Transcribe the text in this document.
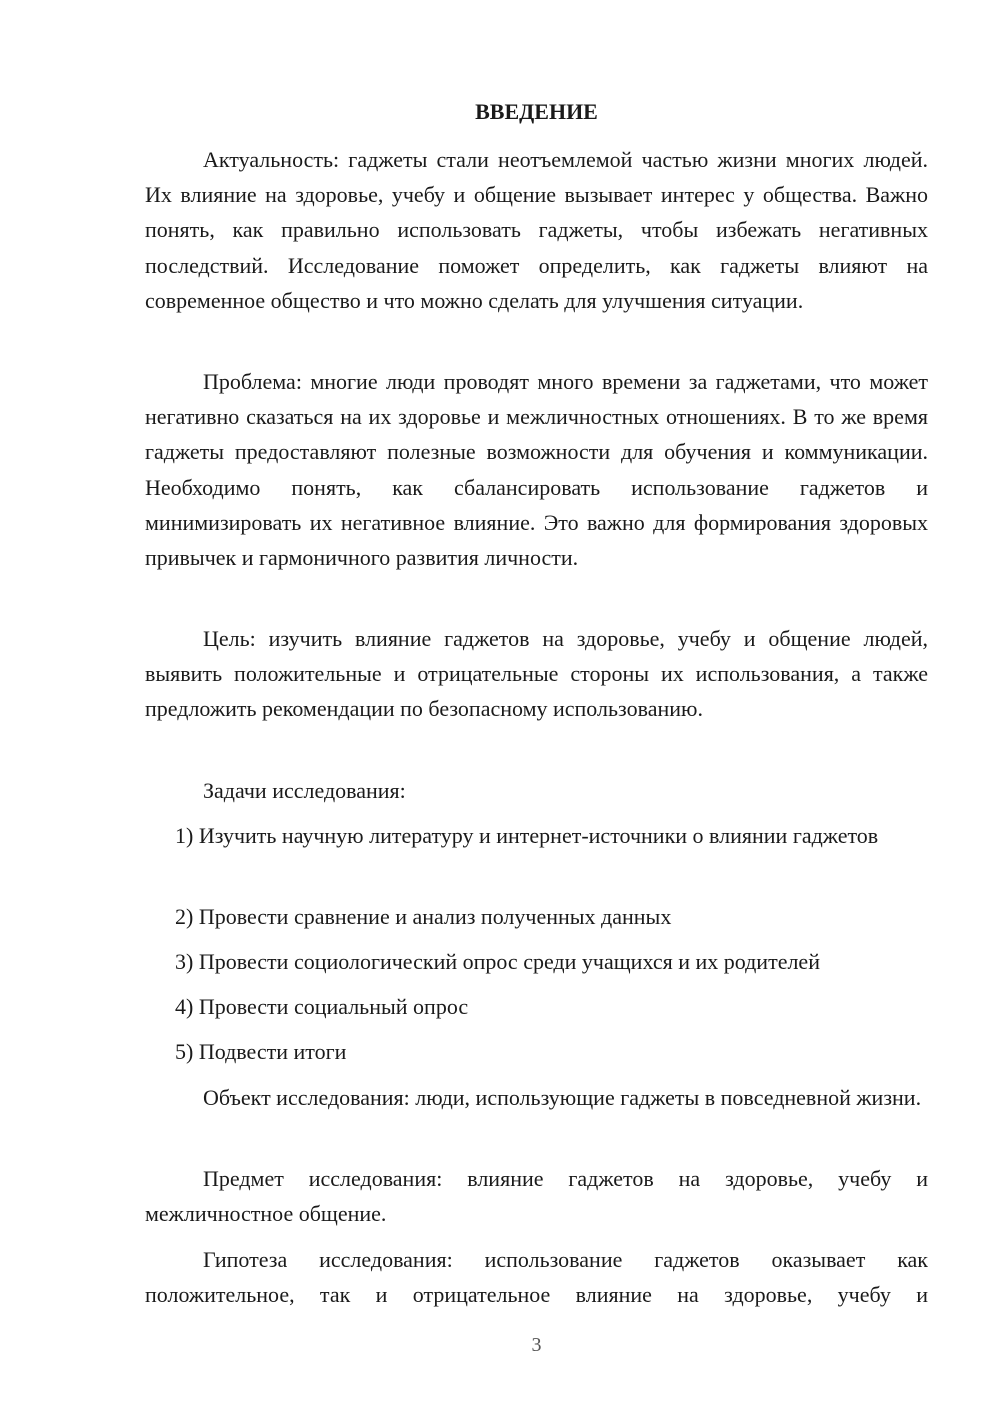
ВВЕДЕНИЕ

Актуальность: гаджеты стали неотъемлемой частью жизни многих людей. Их влияние на здоровье, учебу и общение вызывает интерес у общества. Важно понять, как правильно использовать гаджеты, чтобы избежать негативных последствий. Исследование поможет определить, как гаджеты влияют на современное общество и что можно сделать для улучшения ситуации.

Проблема: многие люди проводят много времени за гаджетами, что может негативно сказаться на их здоровье и межличностных отношениях. В то же время гаджеты предоставляют полезные возможности для обучения и коммуникации. Необходимо понять, как сбалансировать использование гаджетов и минимизировать их негативное влияние. Это важно для формирования здоровых привычек и гармоничного развития личности.

Цель: изучить влияние гаджетов на здоровье, учебу и общение людей, выявить положительные и отрицательные стороны их использования, а также предложить рекомендации по безопасному использованию.

Задачи исследования:

1) Изучить научную литературу и интернет-источники о влиянии гаджетов

2) Провести сравнение и анализ полученных данных
3) Провести социологический опрос среди учащихся и их родителей
4) Провести социальный опрос
5) Подвести итоги

Объект исследования: люди, использующие гаджеты в повседневной жизни.

Предмет исследования: влияние гаджетов на здоровье, учебу и межличностное общение.

Гипотеза исследования: использование гаджетов оказывает как положительное, так и отрицательное влияние на здоровье, учебу и

3
